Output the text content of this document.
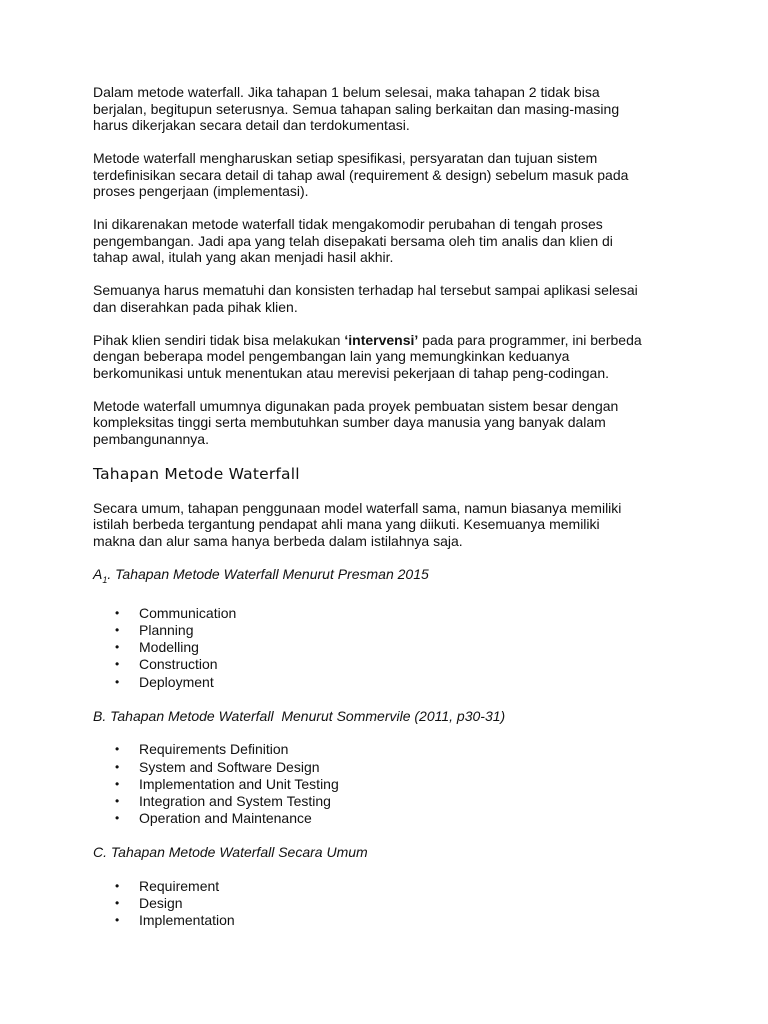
Dalam metode waterfall. Jika tahapan 1 belum selesai, maka tahapan 2 tidak bisa
berjalan, begitupun seterusnya. Semua tahapan saling berkaitan dan masing-masing
harus dikerjakan secara detail dan terdokumentasi.

Metode waterfall mengharuskan setiap spesifikasi, persyaratan dan tujuan sistem
terdefinisikan secara detail di tahap awal (requirement & design) sebelum masuk pada
proses pengerjaan (implementasi).

Ini dikarenakan metode waterfall tidak mengakomodir perubahan di tengah proses
pengembangan. Jadi apa yang telah disepakati bersama oleh tim analis dan klien di
tahap awal, itulah yang akan menjadi hasil akhir.

Semuanya harus mematuhi dan konsisten terhadap hal tersebut sampai aplikasi selesai
dan diserahkan pada pihak klien.

Pihak klien sendiri tidak bisa melakukan ‘intervensi’ pada para programmer, ini berbeda
dengan beberapa model pengembangan lain yang memungkinkan keduanya
berkomunikasi untuk menentukan atau merevisi pekerjaan di tahap peng-codingan.

Metode waterfall umumnya digunakan pada proyek pembuatan sistem besar dengan
kompleksitas tinggi serta membutuhkan sumber daya manusia yang banyak dalam
pembangunannya.

Tahapan Metode Waterfall

Secara umum, tahapan penggunaan model waterfall sama, namun biasanya memiliki
istilah berbeda tergantung pendapat ahli mana yang diikuti. Kesemuanya memiliki
makna dan alur sama hanya berbeda dalam istilahnya saja.

$A_1$. Tahapan Metode Waterfall Menurut Presman 2015

• Communication
• Planning
• Modelling
• Construction
• Deployment

B. Tahapan Metode Waterfall  Menurut Sommervile (2011, p30-31)

• Requirements Definition
• System and Software Design
• Implementation and Unit Testing
• Integration and System Testing
• Operation and Maintenance

C. Tahapan Metode Waterfall Secara Umum

• Requirement
• Design
• Implementation
